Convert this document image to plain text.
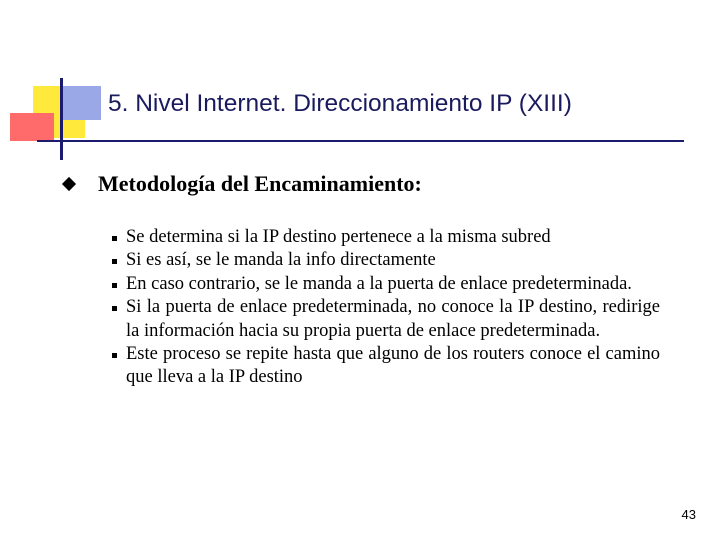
5. Nivel Internet. Direccionamiento IP (XIII)
Metodología del Encaminamiento:
Se determina si la IP destino pertenece a la misma subred
Si es así, se le manda la info directamente
En caso contrario, se le manda a la puerta de enlace predeterminada.
Si la puerta de enlace predeterminada, no conoce la IP destino, redirige la información hacia su propia puerta de enlace predeterminada.
Este proceso se repite hasta que alguno de los routers conoce el camino que lleva a la IP destino
43
